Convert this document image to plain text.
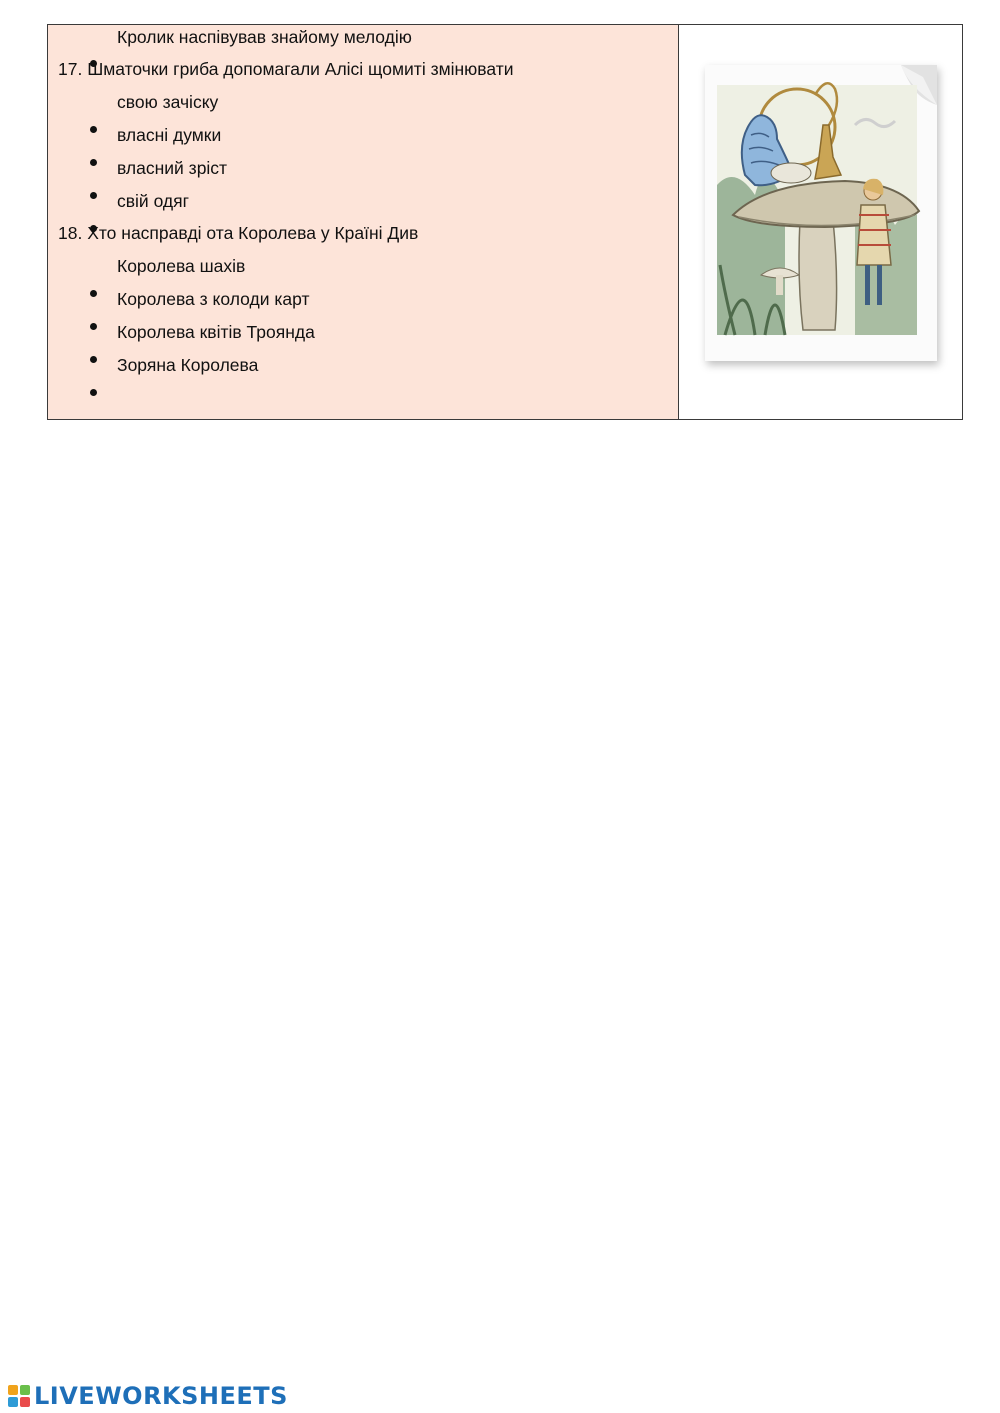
Кролик наспівував знайому мелодію
17. Шматочки гриба допомагали Алісі щомиті змінювати
свою зачіску
власні думки
власний зріст
свій одяг
18. Хто насправді ота Королева у Країні Див
Королева шахів
Королева з колоди карт
Королева квітів Троянда
Зоряна Королева
LIVEWORKSHEETS
